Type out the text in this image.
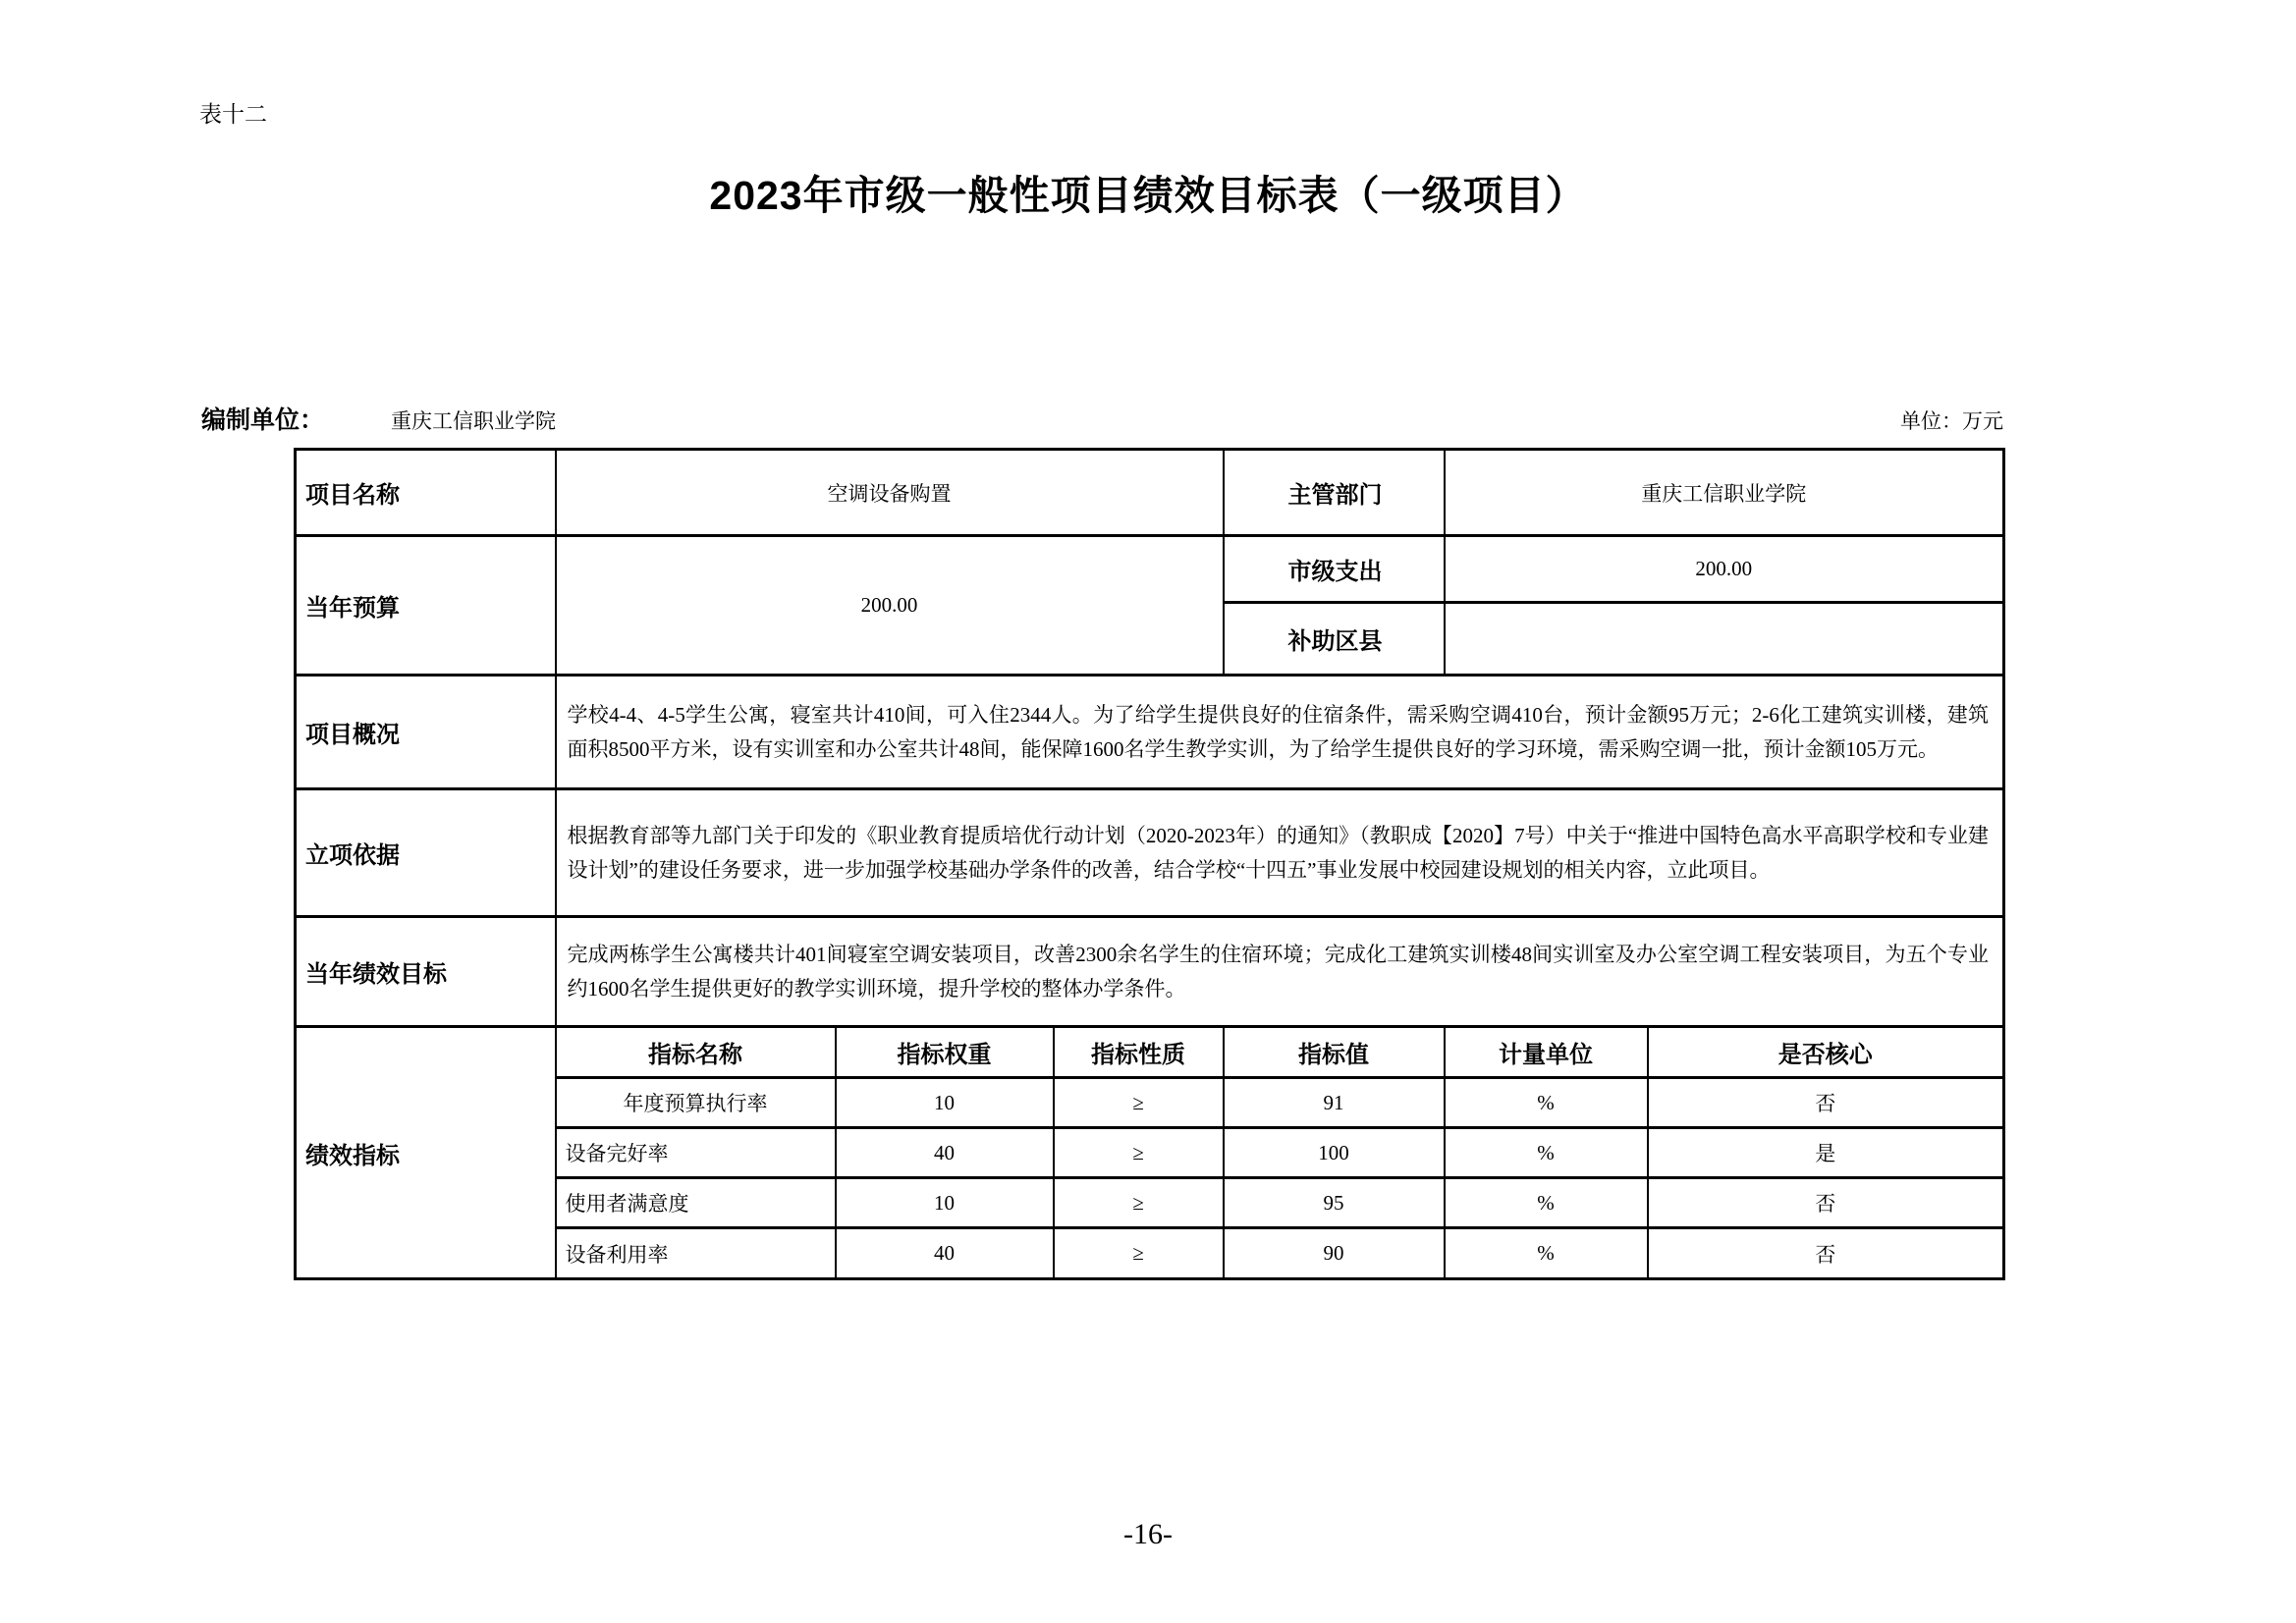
表十二
2023年市级一般性项目绩效目标表（一级项目）
编制单位：	重庆工信职业学院	单位：万元
项目名称	空调设备购置			主管部门	重庆工信职业学院	
当年预算	200.00			市级支出	200.00	
				补助区县		
项目概况	学校4-4、4-5学生公寓，寝室共计410间，可入住2344人。为了给学生提供良好的住宿条件，需采购空调410台，预计金额95万元；2-6化工建筑实训楼，建筑面积8500平方米，设有实训室和办公室共计48间，能保障1600名学生教学实训，为了给学生提供良好的学习环境，需采购空调一批，预计金额105万元。					
立项依据	根据教育部等九部门关于印发的《职业教育提质培优行动计划（2020-2023年）的通知》（教职成【2020】7号）中关于“推进中国特色高水平高职学校和专业建设计划”的建设任务要求，进一步加强学校基础办学条件的改善，结合学校“十四五”事业发展中校园建设规划的相关内容，立此项目。					
当年绩效目标	完成两栋学生公寓楼共计401间寝室空调安装项目，改善2300余名学生的住宿环境；完成化工建筑实训楼48间实训室及办公室空调工程安装项目，为五个专业约1600名学生提供更好的教学实训环境，提升学校的整体办学条件。					
绩效指标	指标名称	指标权重	指标性质	指标值	计量单位	是否核心
	年度预算执行率	10	≥	91	%	否
	设备完好率	40	≥	100	%	是
	使用者满意度	10	≥	95	%	否
	设备利用率	40	≥	90	%	否
-16-
